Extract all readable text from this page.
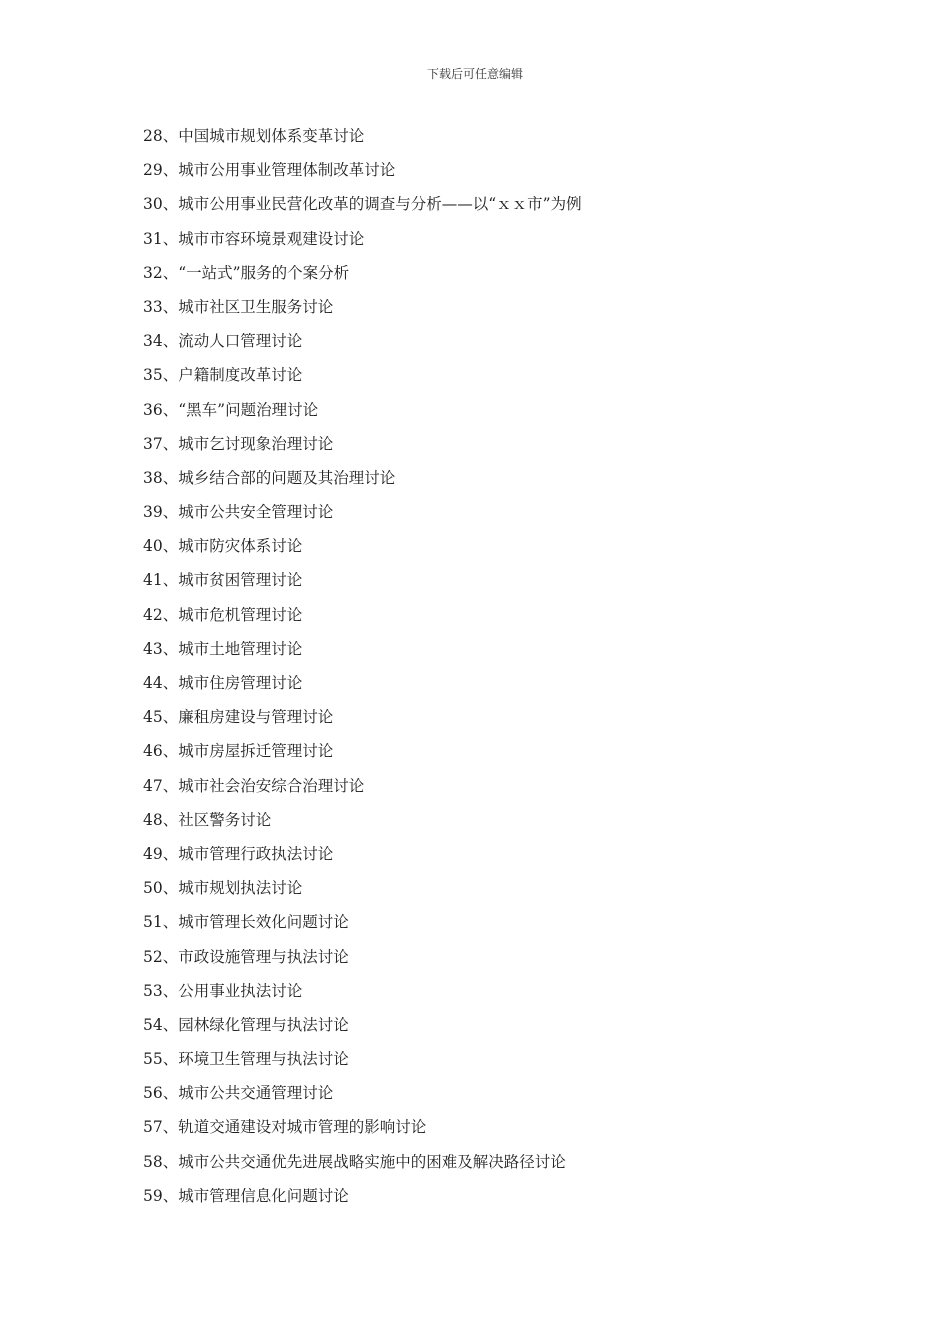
下载后可任意编辑
28、中国城市规划体系变革讨论
29、城市公用事业管理体制改革讨论
30、城市公用事业民营化改革的调查与分析——以“ｘｘ市”为例
31、城市市容环境景观建设讨论
32、“一站式”服务的个案分析
33、城市社区卫生服务讨论
34、流动人口管理讨论
35、户籍制度改革讨论
36、“黑车”问题治理讨论
37、城市乞讨现象治理讨论
38、城乡结合部的问题及其治理讨论
39、城市公共安全管理讨论
40、城市防灾体系讨论
41、城市贫困管理讨论
42、城市危机管理讨论
43、城市土地管理讨论
44、城市住房管理讨论
45、廉租房建设与管理讨论
46、城市房屋拆迁管理讨论
47、城市社会治安综合治理讨论
48、社区警务讨论
49、城市管理行政执法讨论
50、城市规划执法讨论
51、城市管理长效化问题讨论
52、市政设施管理与执法讨论
53、公用事业执法讨论
54、园林绿化管理与执法讨论
55、环境卫生管理与执法讨论
56、城市公共交通管理讨论
57、轨道交通建设对城市管理的影响讨论
58、城市公共交通优先进展战略实施中的困难及解决路径讨论
59、城市管理信息化问题讨论
